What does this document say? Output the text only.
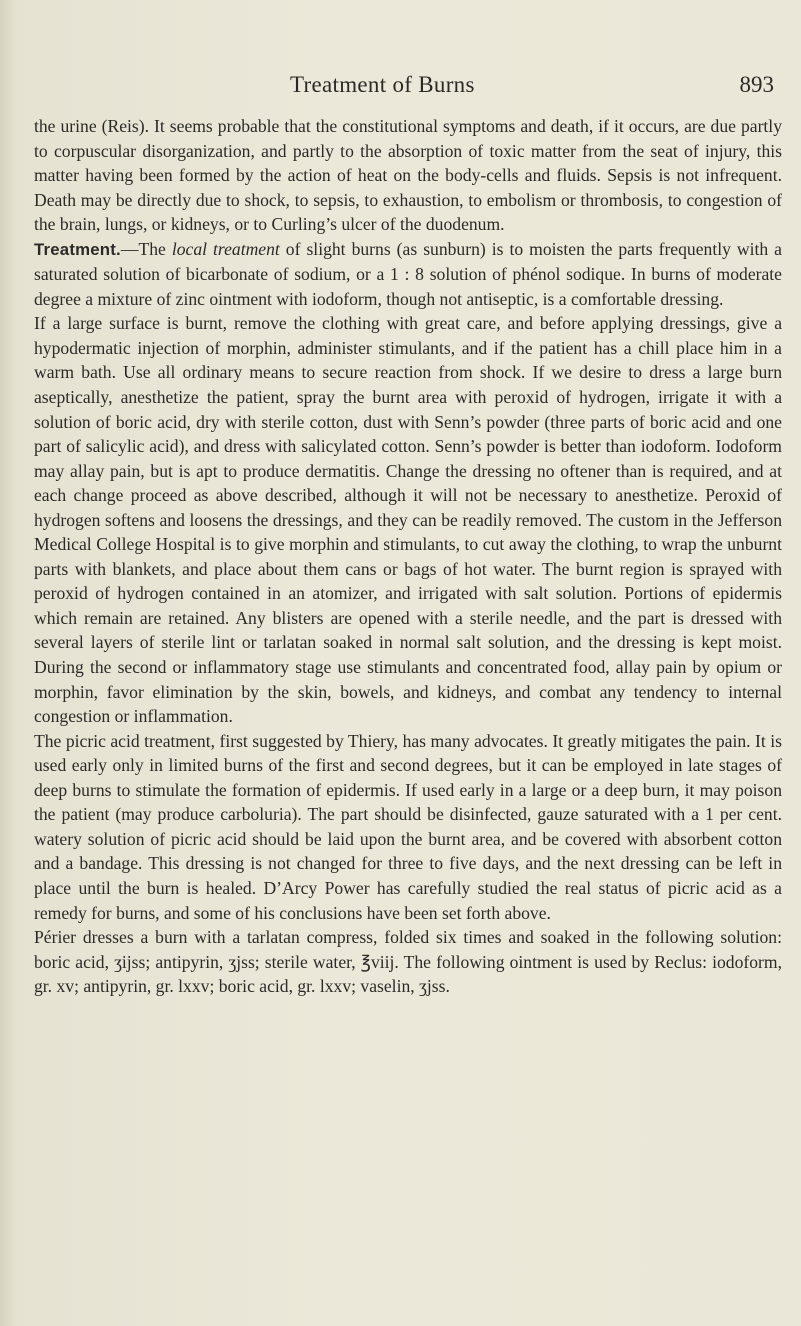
Treatment of Burns	893

the urine (Reis). It seems probable that the constitutional symptoms and death, if it occurs, are due partly to corpuscular disorganization, and partly to the absorption of toxic matter from the seat of injury, this matter having been formed by the action of heat on the body-cells and fluids. Sepsis is not infrequent. Death may be directly due to shock, to sepsis, to exhaustion, to embolism or thrombosis, to congestion of the brain, lungs, or kidneys, or to Curling’s ulcer of the duodenum.

Treatment.—The local treatment of slight burns (as sunburn) is to moisten the parts frequently with a saturated solution of bicarbonate of sodium, or a 1 : 8 solution of phénol sodique. In burns of moderate degree a mixture of zinc ointment with iodoform, though not antiseptic, is a comfortable dressing.

If a large surface is burnt, remove the clothing with great care, and before applying dressings, give a hypodermatic injection of morphin, administer stimulants, and if the patient has a chill place him in a warm bath. Use all ordinary means to secure reaction from shock. If we desire to dress a large burn aseptically, anesthetize the patient, spray the burnt area with peroxid of hydrogen, irrigate it with a solution of boric acid, dry with sterile cotton, dust with Senn’s powder (three parts of boric acid and one part of salicylic acid), and dress with salicylated cotton. Senn’s powder is better than iodoform. Iodoform may allay pain, but is apt to produce dermatitis. Change the dressing no oftener than is required, and at each change proceed as above described, although it will not be necessary to anesthetize. Peroxid of hydrogen softens and loosens the dressings, and they can be readily removed. The custom in the Jefferson Medical College Hospital is to give morphin and stimulants, to cut away the clothing, to wrap the unburnt parts with blankets, and place about them cans or bags of hot water. The burnt region is sprayed with peroxid of hydrogen contained in an atomizer, and irrigated with salt solution. Portions of epidermis which remain are retained. Any blisters are opened with a sterile needle, and the part is dressed with several layers of sterile lint or tarlatan soaked in normal salt solution, and the dressing is kept moist. During the second or inflammatory stage use stimulants and concentrated food, allay pain by opium or morphin, favor elimination by the skin, bowels, and kidneys, and combat any tendency to internal congestion or inflammation.

The picric acid treatment, first suggested by Thiery, has many advocates. It greatly mitigates the pain. It is used early only in limited burns of the first and second degrees, but it can be employed in late stages of deep burns to stimulate the formation of epidermis. If used early in a large or a deep burn, it may poison the patient (may produce carboluria). The part should be disinfected, gauze saturated with a 1 per cent. watery solution of picric acid should be laid upon the burnt area, and be covered with absorbent cotton and a bandage. This dressing is not changed for three to five days, and the next dressing can be left in place until the burn is healed. D’Arcy Power has carefully studied the real status of picric acid as a remedy for burns, and some of his conclusions have been set forth above.

Périer dresses a burn with a tarlatan compress, folded six times and soaked in the following solution: boric acid, ʒijss; antipyrin, ʒjss; sterile water, ℥viij. The following ointment is used by Reclus: iodoform, gr. xv; antipyrin, gr. lxxv; boric acid, gr. lxxv; vaselin, ʒjss.
